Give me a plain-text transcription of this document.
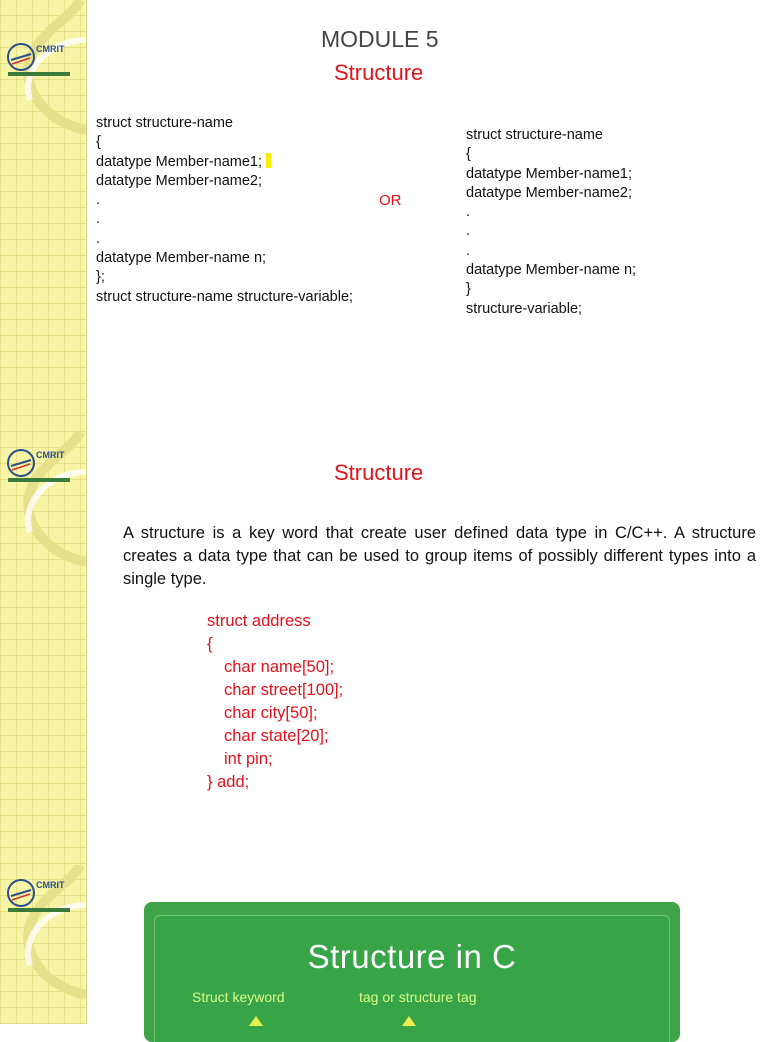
CMRIT
CMRIT
CMRIT
MODULE 5
Structure
struct structure-name
{
datatype Member-name1;
datatype Member-name2;
.
.
.
datatype Member-name n;
};
struct structure-name structure-variable;
OR
struct structure-name
{
datatype Member-name1;
datatype Member-name2;
.
.
.
datatype Member-name n;
}
structure-variable;
Structure
A structure is a key word that create user defined data type in C/C++. A structure creates a data type that can be used to group items of possibly different types into a single type.
struct address
{
char name[50];
char street[100];
char city[50];
char state[20];
int pin;
} add;
Structure in C
Struct keyword	tag or structure tag
